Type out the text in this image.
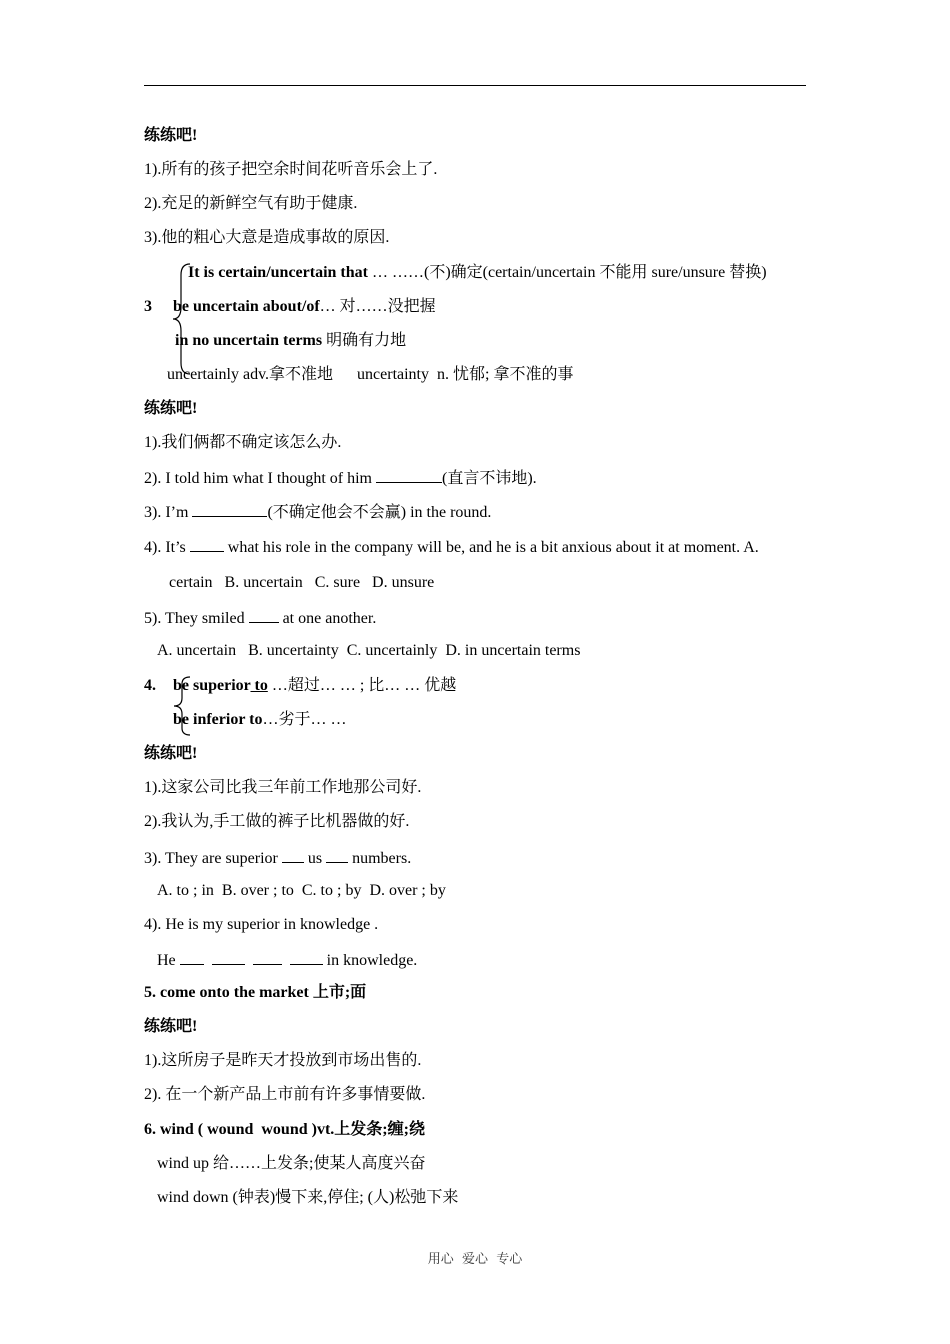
练练吧!
1).所有的孩子把空余时间花听音乐会上了.
2).充足的新鲜空气有助于健康.
3).他的粗心大意是造成事故的原因.
It is certain/uncertain that … ……(不)确定(certain/uncertain 不能用 sure/unsure 替换)
3 be uncertain about/of… 对……没把握
in no uncertain terms 明确有力地
uncertainly adv.拿不准地      uncertainty  n. 忧郁; 拿不准的事
练练吧!
1).我们俩都不确定该怎么办.
2). I told him what I thought of him	(直言不讳地).
3). I’m	(不确定他会不会赢) in the round.
4). It’s  what his role in the company will be, and he is a bit anxious about it at moment. A.
certain   B. uncertain   C. sure   D. unsure
5). They smiled  at one another.
A. uncertain   B. uncertainty  C. uncertainly  D. in uncertain terms
4. be superior to …超过… … ; 比… … 优越
be inferior to…劣于… …
练练吧!
1).这家公司比我三年前工作地那公司好.
2).我认为,手工做的裤子比机器做的好.
3). They are superior  us  numbers.
A. to ; in  B. over ; to  C. to ; by  D. over ; by
4). He is my superior in knowledge .
He	in knowledge.
5. come onto the market 上市;面
练练吧!
1).这所房子是昨天才投放到市场出售的.
2). 在一个新产品上市前有许多事情要做.
6. wind ( wound  wound )vt.上发条;缠;绕
wind up 给……上发条;使某人高度兴奋
wind down (钟表)慢下来,停住; (人)松弛下来
用心  爱心  专心
